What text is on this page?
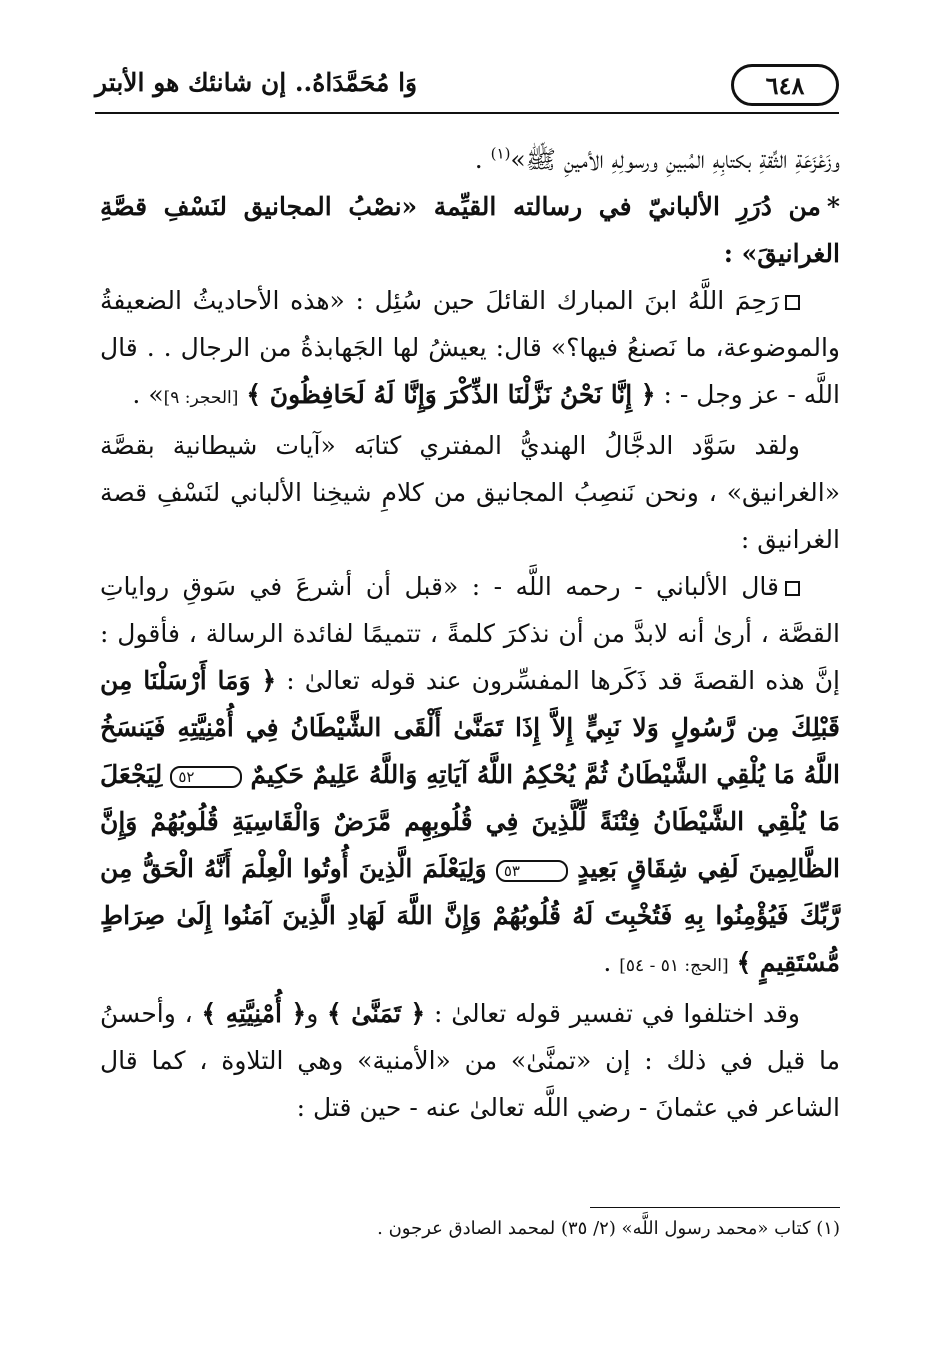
٦٤٨
وَا مُحَمَّدَاهُ.. إن شانئك هو الأبتر

وزَعْزَعَةِ الثِّقةِ بكتابِهِ المُبينِ ورسولِهِ الأمينِ ﷺ»$^{(١)}$ .

*من دُرَرِ الألبانيّ في رسالته القيِّمة «نصْبُ المجانيق لنَسْفِ قصَّةِ الغرانيقَ» :

رَحِمَ اللَّهُ ابنَ المبارك القائلَ حين سُئِل : «هذه الأحاديثُ الضعيفةُ والموضوعة، ما نَصنعُ فيها؟» قال: يعيشُ لها الجَهابذةُ من الرجال . . قال اللَّه - عز وجل - : ﴿ إِنَّا نَحْنُ نَزَّلْنَا الذِّكْرَ وَإِنَّا لَهُ لَحَافِظُونَ ﴾ [الحجر: ٩]» .

ولقد سَوَّد الدجَّالُ الهنديُّ المفتري كتابَه «آيات شيطانية بقصَّة «الغرانيق» ، ونحن نَنصِبُ المجانيق من كلامِ شيخِنا الألباني لنَسْفِ قصة الغرانيق :

قال الألباني - رحمه اللَّه - : «قبل أن أشرعَ في سَوقِ رواياتِ القصَّة ، أرىٰ أنه لابدَّ من أن نذكرَ كلمةً ، تتميمًا لفائدة الرسالة ، فأقول : إنَّ هذه القصةَ قد ذَكَرها المفسِّرون عند قوله تعالىٰ : ﴿ وَمَا أَرْسَلْنَا مِن قَبْلِكَ مِن رَّسُولٍ وَلا نَبِيٍّ إِلاَّ إِذَا تَمَنَّىٰ أَلْقَى الشَّيْطَانُ فِي أُمْنِيَّتِهِ فَيَنسَخُ اللَّهُ مَا يُلْقِي الشَّيْطَانُ ثُمَّ يُحْكِمُ اللَّهُ آيَاتِهِ وَاللَّهُ عَلِيمٌ حَكِيمٌ ٥٢ لِيَجْعَلَ مَا يُلْقِي الشَّيْطَانُ فِتْنَةً لِّلَّذِينَ فِي قُلُوبِهِم مَّرَضٌ وَالْقَاسِيَةِ قُلُوبُهُمْ وَإِنَّ الظَّالِمِينَ لَفِي شِقَاقٍ بَعِيدٍ ٥٣ وَلِيَعْلَمَ الَّذِينَ أُوتُوا الْعِلْمَ أَنَّهُ الْحَقُّ مِن رَّبِّكَ فَيُؤْمِنُوا بِهِ فَتُخْبِتَ لَهُ قُلُوبُهُمْ وَإِنَّ اللَّهَ لَهَادِ الَّذِينَ آمَنُوا إِلَىٰ صِرَاطٍ مُّسْتَقِيمٍ ﴾ [الحج: ٥١ - ٥٤] .

وقد اختلفوا في تفسير قوله تعالىٰ : ﴿ تَمَنَّىٰ ﴾ و﴿ أُمْنِيَّتِهِ ﴾ ، وأحسنُ ما قيل في ذلك : إن «تمنَّىٰ» من «الأمنية» وهي التلاوة ، كما قال الشاعر في عثمانَ - رضي اللَّه تعالىٰ عنه - حين قتل :

(١) كتاب «محمد رسول اللَّه» (٢/ ٣٥) لمحمد الصادق عرجون .
